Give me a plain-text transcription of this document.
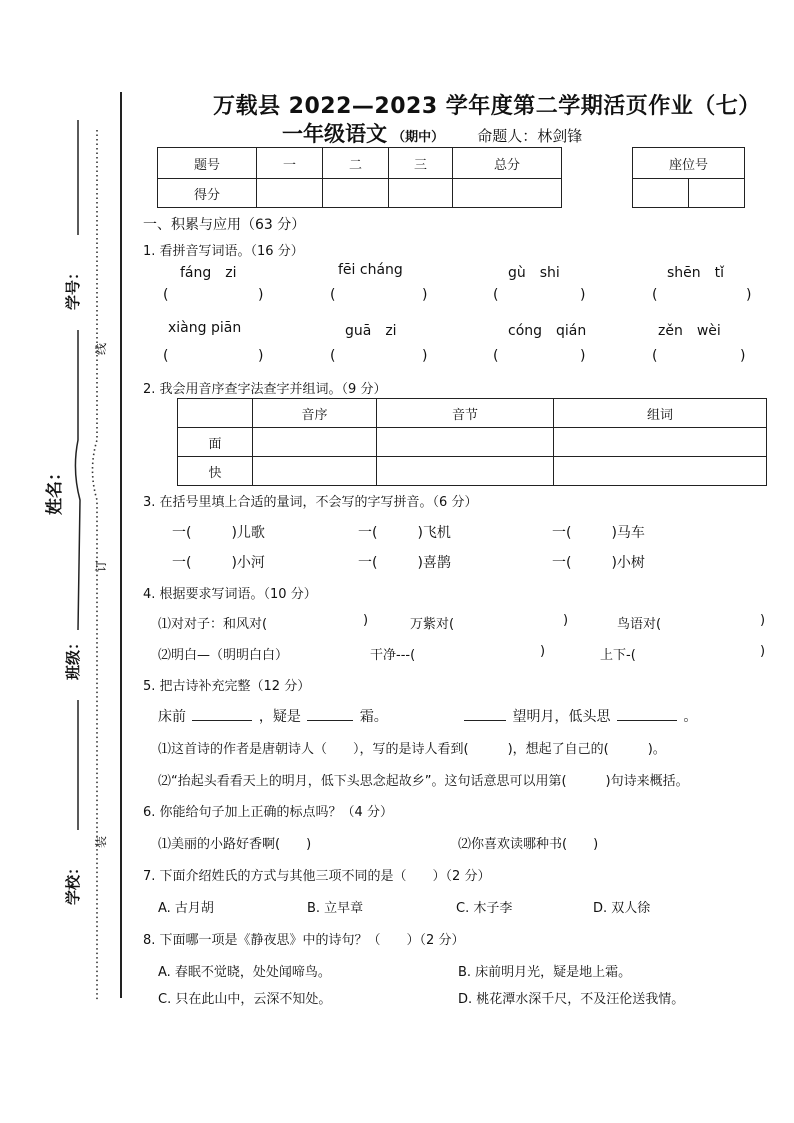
学校：
班级：
姓名：
学号：
装
订
线
万载县 2022—2023 学年度第二学期活页作业（七）
一年级语文 （期中） 命题人：林剑锋
题号	一	二	三	总分
得分				
座位号

一、积累与应用（63 分）
1. 看拼音写词语。（16 分）
fáng　zi	fēi cháng	gù　shi	shēn　tǐ
(	)	(	)	(	)	(	)
xiàng piān	guā　zi	cóng　qián	zěn　wèi
(	)	(	)	(	)	(	)
2. 我会用音序查字法查字并组词。（9 分）
	音序	音节	组词
面			
快			
3. 在括号里填上合适的量词，不会写的字写拼音。（6 分）
一(	)儿歌	一(	)飞机	一(	)马车
一(	)小河	一(	)喜鹊	一(	)小树
4. 根据要求写词语。（10 分）
⑴对对子：和风对(	)	万紫对(	)	鸟语对(	)
⑵明白—（明明白白）	干净---(	)	上下-(	)
5. 把古诗补充完整（12 分）
床前	，疑是	霜。	望明月，低头思	。
⑴这首诗的作者是唐朝诗人（　　），写的是诗人看到(　　　)，想起了自己的(　　　)。
⑵“抬起头看看天上的明月，低下头思念起故乡”。这句话意思可以用第(　　　)句诗来概括。
6. 你能给句子加上正确的标点吗？（4 分）
⑴美丽的小路好香啊(　　)	⑵你喜欢读哪种书(　　)
7. 下面介绍姓氏的方式与其他三项不同的是（　　）（2 分）
A. 古月胡	B. 立早章	C. 木子李	D. 双人徐
8. 下面哪一项是《静夜思》中的诗句？（　　）（2 分）
A. 春眠不觉晓，处处闻啼鸟。	B. 床前明月光，疑是地上霜。
C. 只在此山中，云深不知处。	D. 桃花潭水深千尺，不及汪伦送我情。
